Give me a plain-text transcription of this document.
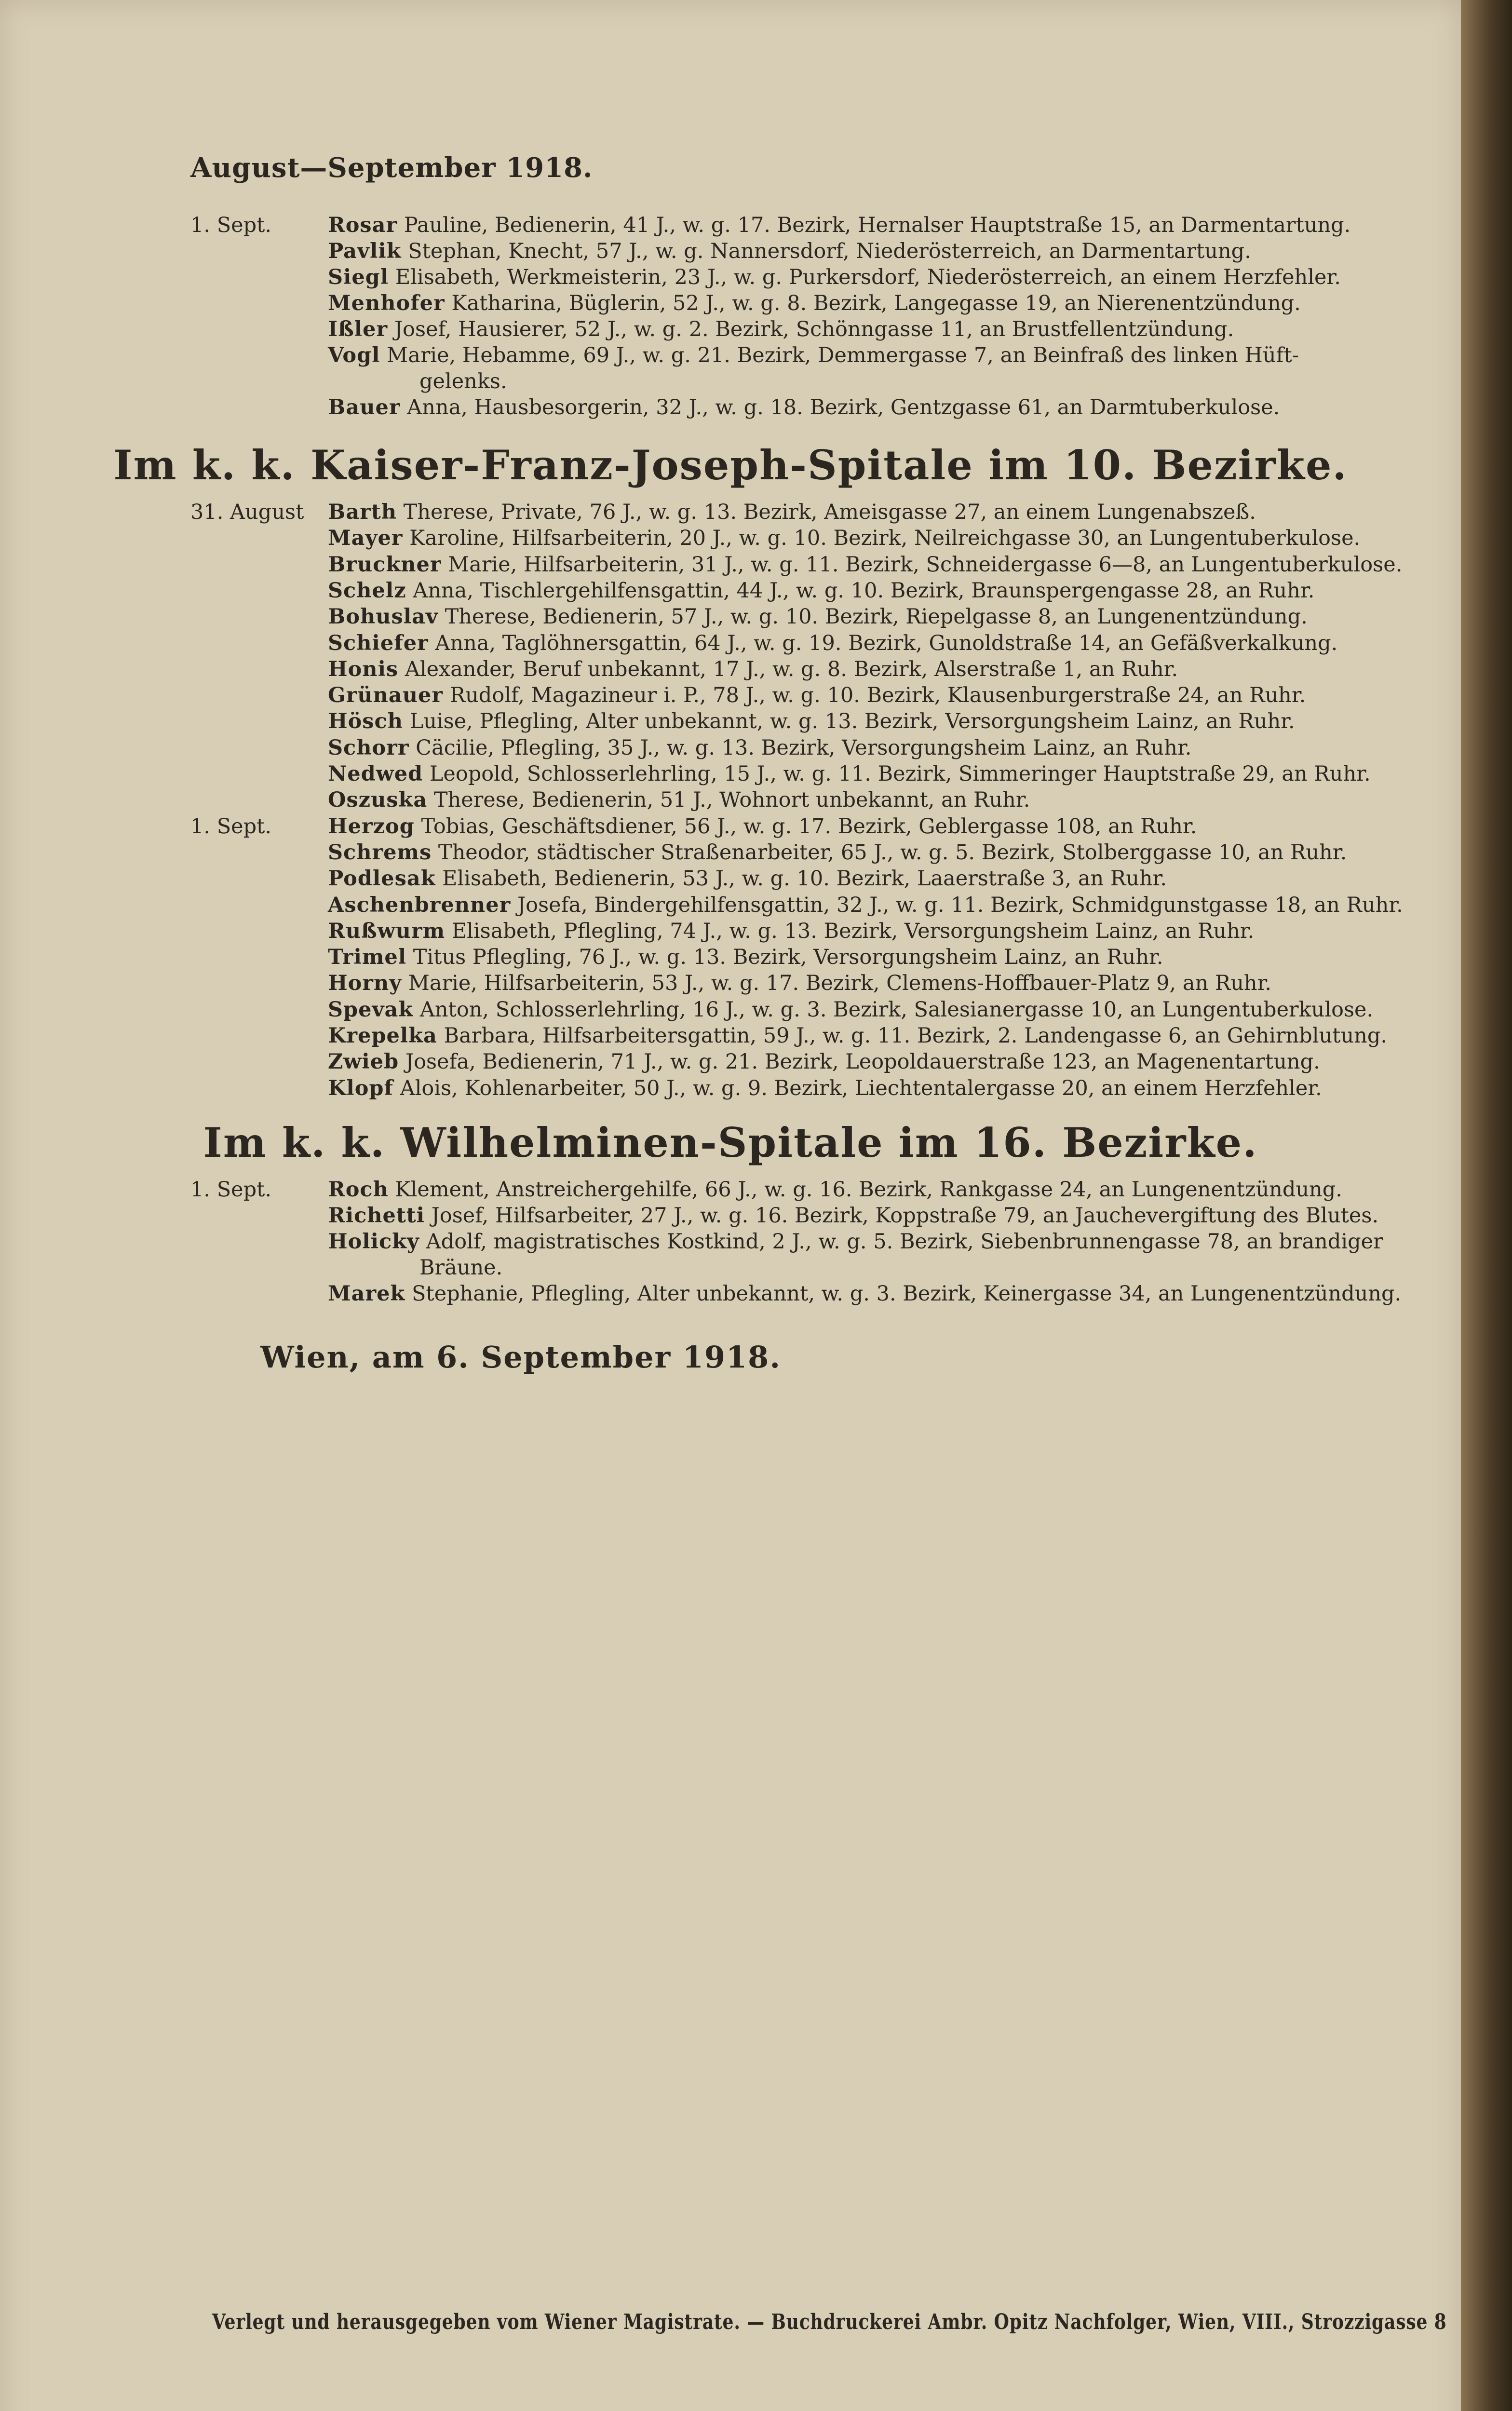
August—September 1918.
Wien, am 6. September 1918.
Verlegt und herausgegeben vom Wiener Magistrate. — Buchdruckerei Ambr. Opitz Nachfolger, Wien, VIII., Strozzigasse 8
1. Sept.	Rosar Pauline, Bedienerin, 41 J., w. g. 17. Bezirk, Hernalser Hauptstraße 15, an Darmentartung.
Pavlik Stephan, Knecht, 57 J., w. g. Nannersdorf, Niederösterreich, an Darmentartung.
Siegl Elisabeth, Werkmeisterin, 23 J., w. g. Purkersdorf, Niederösterreich, an einem Herzfehler.
Menhofer Katharina, Büglerin, 52 J., w. g. 8. Bezirk, Langegasse 19, an Nierenentzündung.
Ißler Josef, Hausierer, 52 J., w. g. 2. Bezirk, Schönngasse 11, an Brustfellentzündung.
Vogl Marie, Hebamme, 69 J., w. g. 21. Bezirk, Demmergasse 7, an Beinfraß des linken Hüft-
gelenks.
Bauer Anna, Hausbesorgerin, 32 J., w. g. 18. Bezirk, Gentzgasse 61, an Darmtuberkulose.
Im k. k. Kaiser-Franz-Joseph-Spitale im 10. Bezirke.
31. August Barth Therese, Private, 76 J., w. g. 13. Bezirk, Ameisgasse 27, an einem Lungenabszeß.
Mayer Karoline, Hilfsarbeiterin, 20 J., w. g. 10. Bezirk, Neilreichgasse 30, an Lungentuberkulose.
Bruckner Marie, Hilfsarbeiterin, 31 J., w. g. 11. Bezirk, Schneidergasse 6—8, an Lungentuberkulose.
Schelz Anna, Tischlergehilfensgattin, 44 J., w. g. 10. Bezirk, Braunspergengasse 28, an Ruhr.
Bohuslav Therese, Bedienerin, 57 J., w. g. 10. Bezirk, Riepelgasse 8, an Lungenentzündung.
Schiefer Anna, Taglöhnersgattin, 64 J., w. g. 19. Bezirk, Gunoldstraße 14, an Gefäßverkalkung.
Honis Alexander, Beruf unbekannt, 17 J., w. g. 8. Bezirk, Alserstraße 1, an Ruhr.
Grünauer Rudolf, Magazineur i. P., 78 J., w. g. 10. Bezirk, Klausenburgerstraße 24, an Ruhr.
Hösch Luise, Pflegling, Alter unbekannt, w. g. 13. Bezirk, Versorgungsheim Lainz, an Ruhr.
Schorr Cäcilie, Pflegling, 35 J., w. g. 13. Bezirk, Versorgungsheim Lainz, an Ruhr.
Nedwed Leopold, Schlosserlehrling, 15 J., w. g. 11. Bezirk, Simmeringer Hauptstraße 29, an Ruhr.
Oszuska Therese, Bedienerin, 51 J., Wohnort unbekannt, an Ruhr.
1. Sept.	Herzog Tobias, Geschäftsdiener, 56 J., w. g. 17. Bezirk, Geblergasse 108, an Ruhr.
Schrems Theodor, städtischer Straßenarbeiter, 65 J., w. g. 5. Bezirk, Stolberggasse 10, an Ruhr.
Podlesak Elisabeth, Bedienerin, 53 J., w. g. 10. Bezirk, Laaerstraße 3, an Ruhr.
Aschenbrenner Josefa, Bindergehilfensgattin, 32 J., w. g. 11. Bezirk, Schmidgunstgasse 18, an Ruhr.
Rußwurm Elisabeth, Pflegling, 74 J., w. g. 13. Bezirk, Versorgungsheim Lainz, an Ruhr.
Trimel Titus Pflegling, 76 J., w. g. 13. Bezirk, Versorgungsheim Lainz, an Ruhr.
Horny Marie, Hilfsarbeiterin, 53 J., w. g. 17. Bezirk, Clemens-Hoffbauer-Platz 9, an Ruhr.
Spevak Anton, Schlosserlehrling, 16 J., w. g. 3. Bezirk, Salesianergasse 10, an Lungentuberkulose.
Krepelka Barbara, Hilfsarbeitersgattin, 59 J., w. g. 11. Bezirk, 2. Landengasse 6, an Gehirnblutung.
Zwieb Josefa, Bedienerin, 71 J., w. g. 21. Bezirk, Leopoldauerstraße 123, an Magenentartung.
Klopf Alois, Kohlenarbeiter, 50 J., w. g. 9. Bezirk, Liechtentalergasse 20, an einem Herzfehler.
Im k. k. Wilhelminen-Spitale im 16. Bezirke.
1. Sept.	Roch Klement, Anstreichergehilfe, 66 J., w. g. 16. Bezirk, Rankgasse 24, an Lungenentzündung.
Richetti Josef, Hilfsarbeiter, 27 J., w. g. 16. Bezirk, Koppstraße 79, an Jauchevergiftung des Blutes.
Holicky Adolf, magistratisches Kostkind, 2 J., w. g. 5. Bezirk, Siebenbrunnengasse 78, an brandiger
Bräune.
Marek Stephanie, Pflegling, Alter unbekannt, w. g. 3. Bezirk, Keinergasse 34, an Lungenentzündung.
